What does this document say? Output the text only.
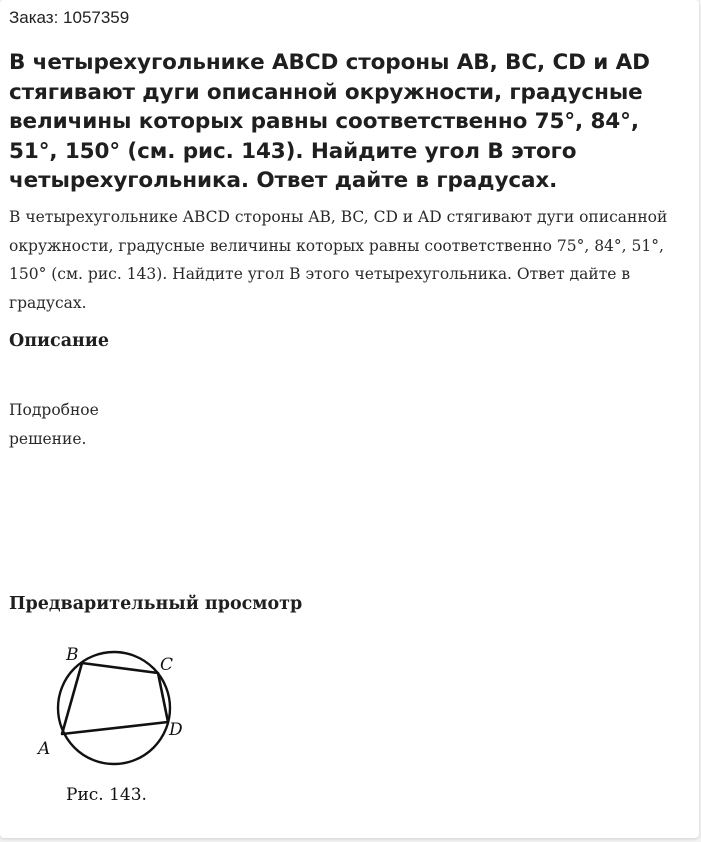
Заказ: 1057359
В четырехугольнике ABCD стороны AB, BC, CD и AD стягивают дуги описанной окружности, градусные величины которых равны соответственно 75°, 84°, 51°, 150° (см. рис. 143). Найдите угол B этого четырехугольника. Ответ дайте в градусах.
В четырехугольнике ABCD стороны AB, BC, CD и AD стягивают дуги описанной окружности, градусные величины которых равны соответственно 75°, 84°, 51°, 150° (см. рис. 143). Найдите угол B этого четырехугольника. Ответ дайте в градусах.
Описание
Подробное
решение.
Предварительный просмотр
B	C
D
A
Рис. 143.
